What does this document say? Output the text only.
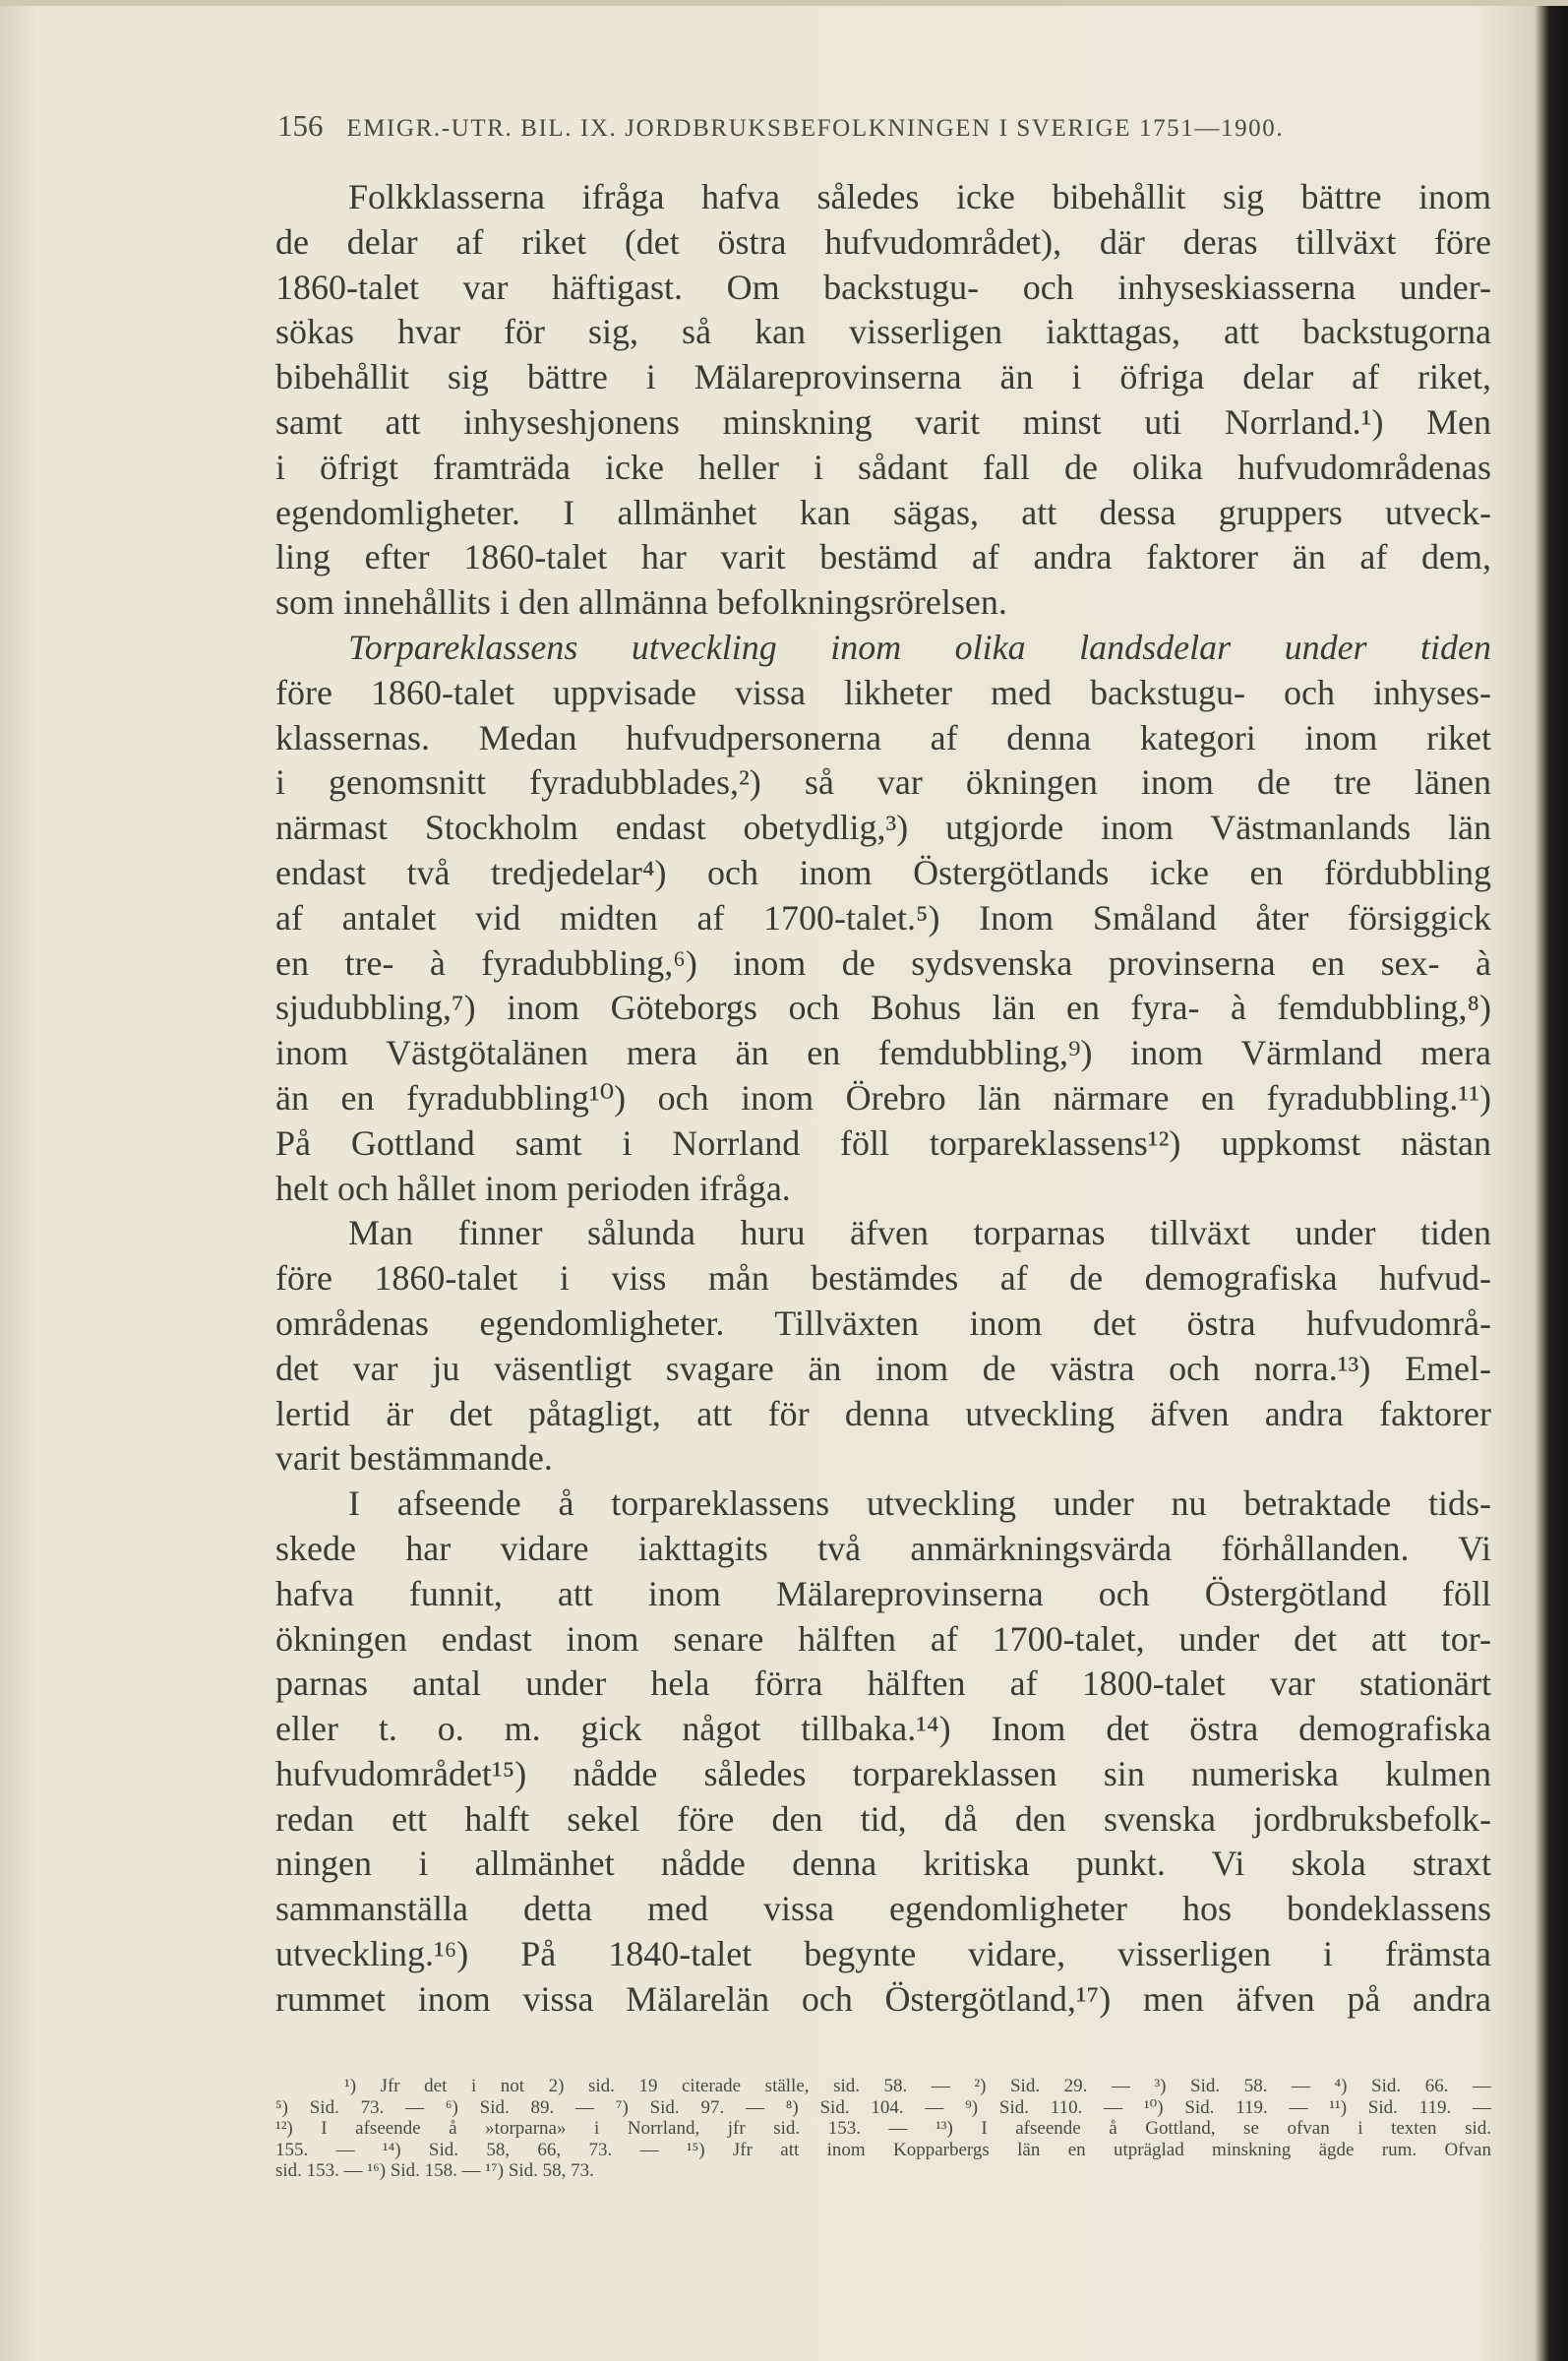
156 EMIGR.-UTR. BIL. IX. JORDBRUKSBEFOLKNINGEN I SVERIGE 1751—1900.
Folkklasserna ifråga hafva således icke bibehållit sig bättre inom
de delar af riket (det östra hufvudområdet), där deras tillväxt före
1860-talet var häftigast. Om backstugu- och inhyseskiasserna under-
sökas hvar för sig, så kan visserligen iakttagas, att backstugorna
bibehållit sig bättre i Mälareprovinserna än i öfriga delar af riket,
samt att inhyseshjonens minskning varit minst uti Norrland.¹) Men
i öfrigt framträda icke heller i sådant fall de olika hufvudområdenas
egendomligheter. I allmänhet kan sägas, att dessa gruppers utveck-
ling efter 1860-talet har varit bestämd af andra faktorer än af dem,
som innehållits i den allmänna befolkningsrörelsen.
Torpareklassens utveckling inom olika landsdelar under tiden
före 1860-talet uppvisade vissa likheter med backstugu- och inhyses-
klassernas. Medan hufvudpersonerna af denna kategori inom riket
i genomsnitt fyradubblades,²) så var ökningen inom de tre länen
närmast Stockholm endast obetydlig,³) utgjorde inom Västmanlands län
endast två tredjedelar⁴) och inom Östergötlands icke en fördubbling
af antalet vid midten af 1700-talet.⁵) Inom Småland åter försiggick
en tre- à fyradubbling,⁶) inom de sydsvenska provinserna en sex- à
sjudubbling,⁷) inom Göteborgs och Bohus län en fyra- à femdubbling,⁸)
inom Västgötalänen mera än en femdubbling,⁹) inom Värmland mera
än en fyradubbling¹⁰) och inom Örebro län närmare en fyradubbling.¹¹)
På Gottland samt i Norrland föll torpareklassens¹²) uppkomst nästan
helt och hållet inom perioden ifråga.
Man finner sålunda huru äfven torparnas tillväxt under tiden
före 1860-talet i viss mån bestämdes af de demografiska hufvud-
områdenas egendomligheter. Tillväxten inom det östra hufvudområ-
det var ju väsentligt svagare än inom de västra och norra.¹³) Emel-
lertid är det påtagligt, att för denna utveckling äfven andra faktorer
varit bestämmande.
I afseende å torpareklassens utveckling under nu betraktade tids-
skede har vidare iakttagits två anmärkningsvärda förhållanden. Vi
hafva funnit, att inom Mälareprovinserna och Östergötland föll
ökningen endast inom senare hälften af 1700-talet, under det att tor-
parnas antal under hela förra hälften af 1800-talet var stationärt
eller t. o. m. gick något tillbaka.¹⁴) Inom det östra demografiska
hufvudområdet¹⁵) nådde således torpareklassen sin numeriska kulmen
redan ett halft sekel före den tid, då den svenska jordbruksbefolk-
ningen i allmänhet nådde denna kritiska punkt. Vi skola straxt
sammanställa detta med vissa egendomligheter hos bondeklassens
utveckling.¹⁶) På 1840-talet begynte vidare, visserligen i främsta
rummet inom vissa Mälarelän och Östergötland,¹⁷) men äfven på andra
¹) Jfr det i not 2) sid. 19 citerade ställe, sid. 58. — ²) Sid. 29. — ³) Sid. 58. — ⁴) Sid. 66. —
⁵) Sid. 73. — ⁶) Sid. 89. — ⁷) Sid. 97. — ⁸) Sid. 104. — ⁹) Sid. 110. — ¹⁰) Sid. 119. — ¹¹) Sid. 119. —
¹²) I afseende å »torparna» i Norrland, jfr sid. 153. — ¹³) I afseende å Gottland, se ofvan i texten sid.
155. — ¹⁴) Sid. 58, 66, 73. — ¹⁵) Jfr att inom Kopparbergs län en utpräglad minskning ägde rum. Ofvan
sid. 153. — ¹⁶) Sid. 158. — ¹⁷) Sid. 58, 73.
